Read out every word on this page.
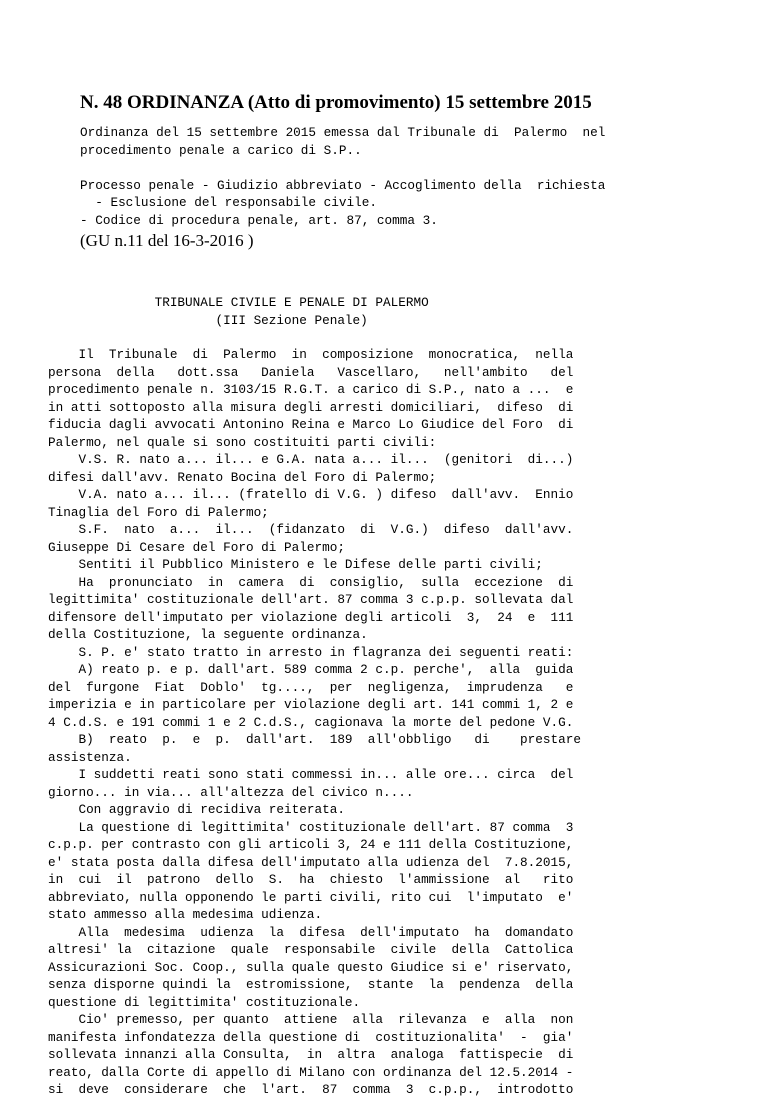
N. 48 ORDINANZA (Atto di promovimento) 15 settembre 2015
Ordinanza del 15 settembre 2015 emessa dal Tribunale di  Palermo  nel
procedimento penale a carico di S.P..

Processo penale - Giudizio abbreviato - Accoglimento della  richiesta
- Esclusione del responsabile civile.
- Codice di procedura penale, art. 87, comma 3.

(GU n.11 del 16-3-2016 )

TRIBUNALE CIVILE E PENALE DI PALERMO
(III Sezione Penale)
Il  Tribunale  di  Palermo  in  composizione  monocratica,  nella
persona  della   dott.ssa   Daniela   Vascellaro,   nell'ambito   del
procedimento penale n. 3103/15 R.G.T. a carico di S.P., nato a ...  e
in atti sottoposto alla misura degli arresti domiciliari,  difeso  di
fiducia dagli avvocati Antonino Reina e Marco Lo Giudice del Foro  di
Palermo, nel quale si sono costituiti parti civili:
V.S. R. nato a... il... e G.A. nata a... il...  (genitori  di...)
difesi dall'avv. Renato Bocina del Foro di Palermo;
V.A. nato a... il... (fratello di V.G. ) difeso  dall'avv.  Ennio
Tinaglia del Foro di Palermo;
S.F.  nato  a...  il...  (fidanzato  di  V.G.)  difeso  dall'avv.
Giuseppe Di Cesare del Foro di Palermo;
Sentiti il Pubblico Ministero e le Difese delle parti civili;
Ha  pronunciato  in  camera  di  consiglio,  sulla  eccezione  di
legittimita' costituzionale dell'art. 87 comma 3 c.p.p. sollevata dal
difensore dell'imputato per violazione degli articoli  3,  24  e  111
della Costituzione, la seguente ordinanza.
S. P. e' stato tratto in arresto in flagranza dei seguenti reati:
A) reato p. e p. dall'art. 589 comma 2 c.p. perche',  alla  guida
del  furgone  Fiat  Doblo'  tg....,  per  negligenza,  imprudenza   e
imperizia e in particolare per violazione degli art. 141 commi 1, 2 e
4 C.d.S. e 191 commi 1 e 2 C.d.S., cagionava la morte del pedone V.G.
B)  reato  p.  e  p.  dall'art.  189  all'obbligo   di    prestare
assistenza.
I suddetti reati sono stati commessi in... alle ore... circa  del
giorno... in via... all'altezza del civico n....
Con aggravio di recidiva reiterata.
La questione di legittimita' costituzionale dell'art. 87 comma  3
c.p.p. per contrasto con gli articoli 3, 24 e 111 della Costituzione,
e' stata posta dalla difesa dell'imputato alla udienza del  7.8.2015,
in  cui  il  patrono  dello  S.  ha  chiesto  l'ammissione  al   rito
abbreviato, nulla opponendo le parti civili, rito cui  l'imputato  e'
stato ammesso alla medesima udienza.
Alla  medesima  udienza  la  difesa  dell'imputato  ha  domandato
altresi' la  citazione  quale  responsabile  civile  della  Cattolica
Assicurazioni Soc. Coop., sulla quale questo Giudice si e' riservato,
senza disporne quindi la  estromissione,  stante  la  pendenza  della
questione di legittimita' costituzionale.
Cio' premesso, per quanto  attiene  alla  rilevanza  e  alla  non
manifesta infondatezza della questione di  costituzionalita'  -  gia'
sollevata innanzi alla Consulta,  in  altra  analoga  fattispecie  di
reato, dalla Corte di appello di Milano con ordinanza del 12.5.2014 -
si  deve  considerare  che  l'art.  87  comma  3  c.p.p.,  introdotto
